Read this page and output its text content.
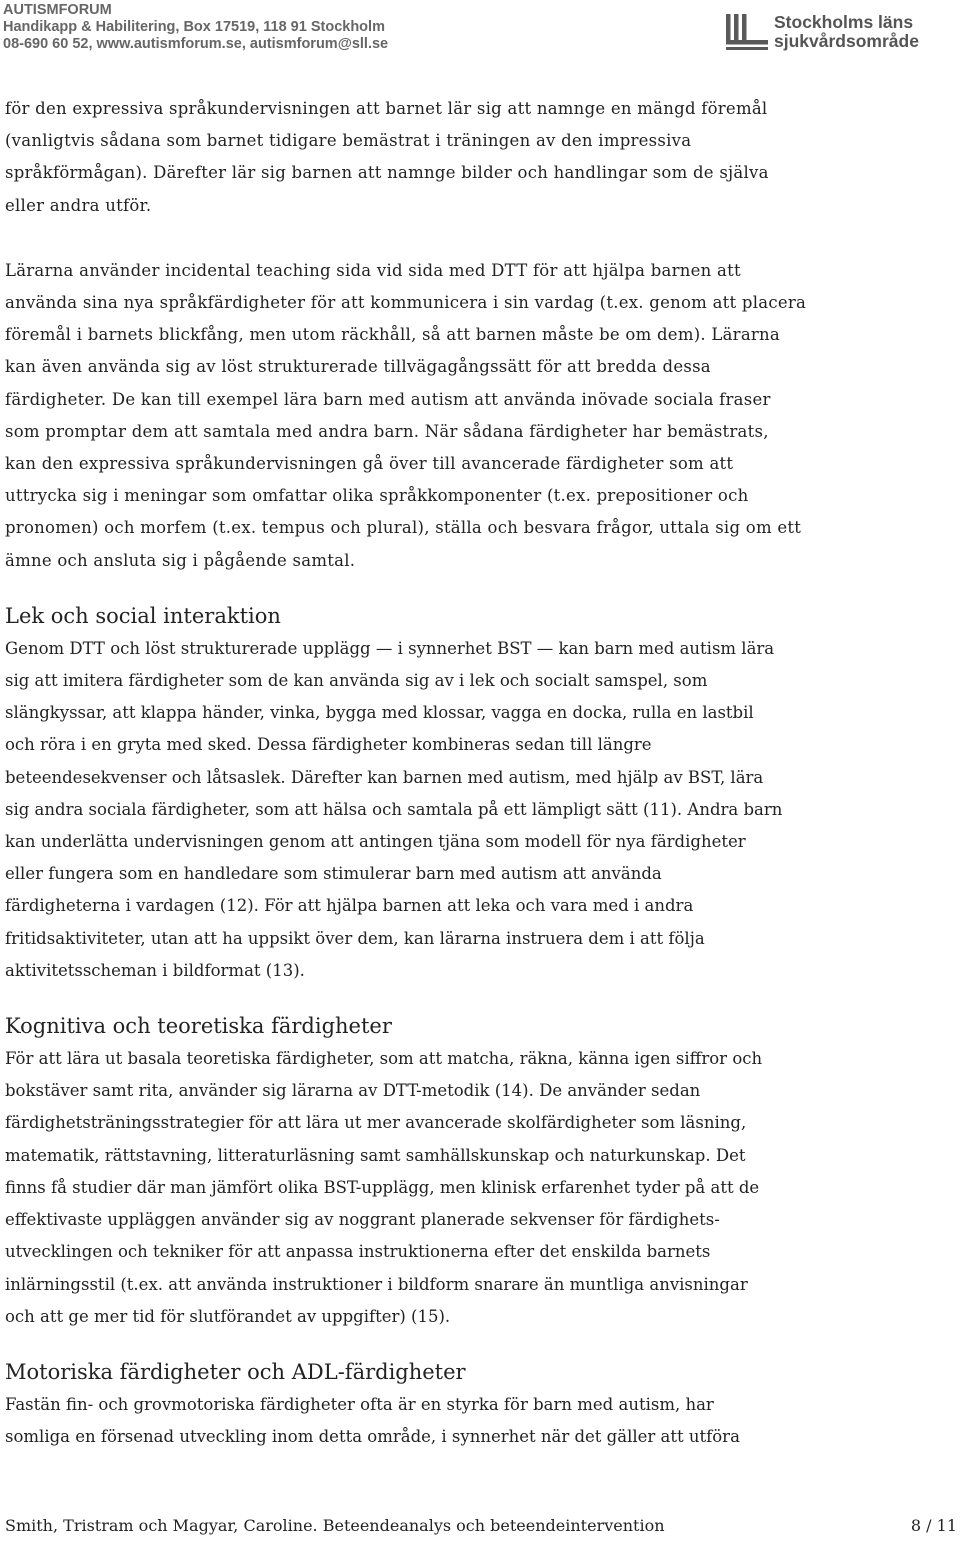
AUTISMFORUM
Handikapp & Habilitering, Box 17519, 118 91 Stockholm
08-690 60 52, www.autismforum.se, autismforum@sll.se
Stockholms läns
sjukvårdsområde

för den expressiva språkundervisningen att barnet lär sig att namnge en mängd föremål

(vanligtvis sådana som barnet tidigare bemästrat i träningen av den impressiva

språkförmågan). Därefter lär sig barnen att namnge bilder och handlingar som de själva

eller andra utför.

Lärarna använder incidental teaching sida vid sida med DTT för att hjälpa barnen att

använda sina nya språkfärdigheter för att kommunicera i sin vardag (t.ex. genom att placera

föremål i barnets blickfång, men utom räckhåll, så att barnen måste be om dem). Lärarna

kan även använda sig av löst strukturerade tillvägagångssätt för att bredda dessa

färdigheter. De kan till exempel lära barn med autism att använda inövade sociala fraser

som promptar dem att samtala med andra barn. När sådana färdigheter har bemästrats,

kan den expressiva språkundervisningen gå över till avancerade färdigheter som att

uttrycka sig i meningar som omfattar olika språkkomponenter (t.ex. prepositioner och

pronomen) och morfem (t.ex. tempus och plural), ställa och besvara frågor, uttala sig om ett

ämne och ansluta sig i pågående samtal.

Lek och social interaktion

Genom DTT och löst strukturerade upplägg — i synnerhet BST — kan barn med autism lära

sig att imitera färdigheter som de kan använda sig av i lek och socialt samspel, som

slängkyssar, att klappa händer, vinka, bygga med klossar, vagga en docka, rulla en lastbil

och röra i en gryta med sked. Dessa färdigheter kombineras sedan till längre

beteendesekvenser och låtsaslek. Därefter kan barnen med autism, med hjälp av BST, lära

sig andra sociala färdigheter, som att hälsa och samtala på ett lämpligt sätt (11). Andra barn

kan underlätta undervisningen genom att antingen tjäna som modell för nya färdigheter

eller fungera som en handledare som stimulerar barn med autism att använda

färdigheterna i vardagen (12). För att hjälpa barnen att leka och vara med i andra

fritidsaktiviteter, utan att ha uppsikt över dem, kan lärarna instruera dem i att följa

aktivitetsscheman i bildformat (13).

Kognitiva och teoretiska färdigheter

För att lära ut basala teoretiska färdigheter, som att matcha, räkna, känna igen siffror och

bokstäver samt rita, använder sig lärarna av DTT-metodik (14). De använder sedan

färdighetsträningsstrategier för att lära ut mer avancerade skolfärdigheter som läsning,

matematik, rättstavning, litteraturläsning samt samhällskunskap och naturkunskap. Det

finns få studier där man jämfört olika BST-upplägg, men klinisk erfarenhet tyder på att de

effektivaste uppläggen använder sig av noggrant planerade sekvenser för färdighets-

utvecklingen och tekniker för att anpassa instruktionerna efter det enskilda barnets

inlärningsstil (t.ex. att använda instruktioner i bildform snarare än muntliga anvisningar

och att ge mer tid för slutförandet av uppgifter) (15).

Motoriska färdigheter och ADL-färdigheter

Fastän fin- och grovmotoriska färdigheter ofta är en styrka för barn med autism, har

somliga en försenad utveckling inom detta område, i synnerhet när det gäller att utföra

Smith, Tristram och Magyar, Caroline. Beteendeanalys och beteendeintervention	8 / 11
